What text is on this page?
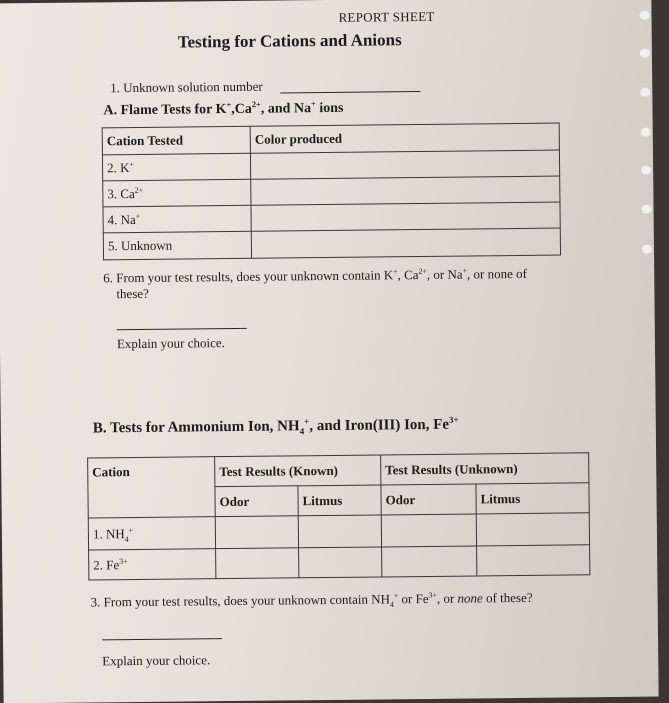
REPORT SHEET
Testing for Cations and Anions
1. Unknown solution number
A. Flame Tests for $K^+,Ca^{2+}$, and Na+ ions
Cation Tested	Color produced
2. K+	
3. $Ca^{2+}$	
4. Na+	
5. Unknown	
6. From your test results, does your unknown contain K+, $Ca^{2+}$, or Na+, or none of
these?
Explain your choice.
B. Tests for Ammonium Ion, $NH_4^+$, and Iron(III) Ion, $Fe^{3+}$
Cation	Test Results (Known)		Test Results (Unknown)	
	Odor	Litmus	Odor	Litmus
1. $NH_4^+$				
2. $Fe^{3+}$				
3. From your test results, does your unknown contain $NH_4^+$ or $Fe^{3+}$, or none of these?
Explain your choice.
